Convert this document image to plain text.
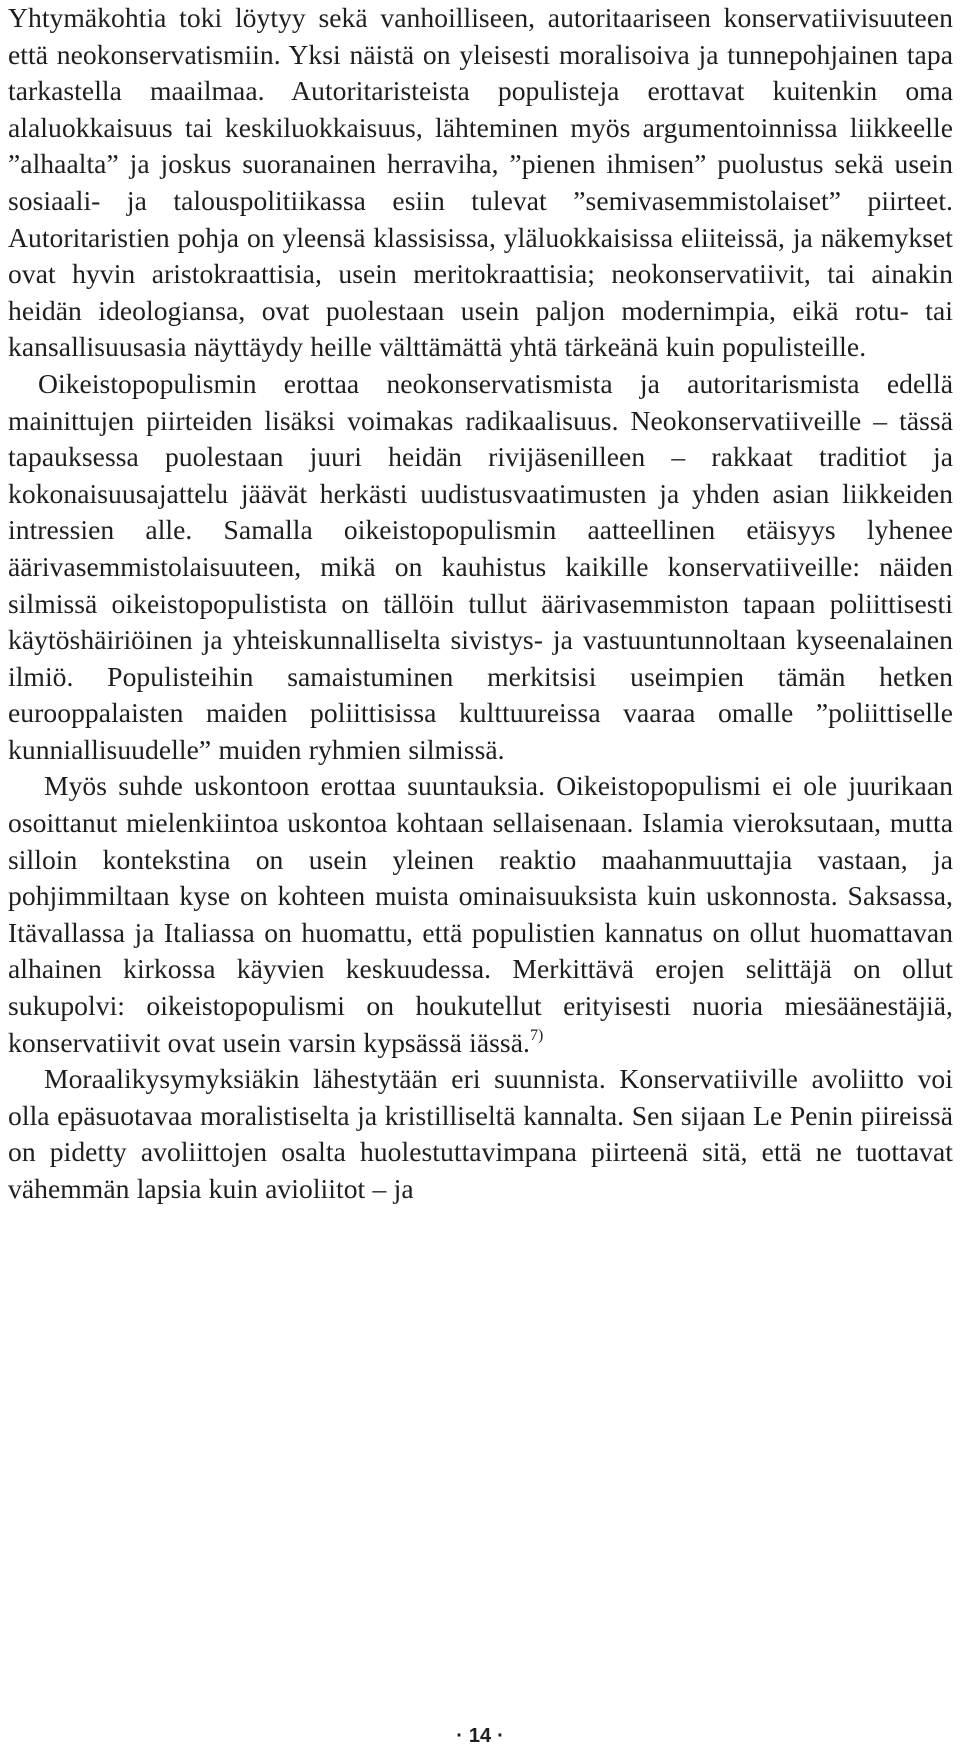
Yhtymäkohtia toki löytyy sekä vanhoilliseen, autoritaariseen konservatiivisuuteen että neokonservatismiin. Yksi näistä on yleisesti moralisoiva ja tunnepohjainen tapa tarkastella maailmaa. Autoritaristeista populisteja erottavat kuitenkin oma alaluokkaisuus tai keskiluokkaisuus, lähteminen myös argumentoinnissa liikkeelle ”alhaalta” ja joskus suoranainen herraviha, ”pienen ihmisen” puolustus sekä usein sosiaali- ja talouspolitiikassa esiin tulevat ”semivasemmistolaiset” piirteet. Autoritaristien pohja on yleensä klassisissa, yläluokkaisissa eliiteissä, ja näkemykset ovat hyvin aristokraattisia, usein meritokraattisia; neokonservatiivit, tai ainakin heidän ideologiansa, ovat puolestaan usein paljon modernimpia, eikä rotu- tai kansallisuusasia näyttäydy heille välttämättä yhtä tärkeänä kuin populisteille.
Oikeistopopulismin erottaa neokonservatismista ja autoritarismista edellä mainittujen piirteiden lisäksi voimakas radikaalisuus. Neokonservatiiveille – tässä tapauksessa puolestaan juuri heidän rivijäsenilleen – rakkaat traditiot ja kokonaisuusajattelu jäävät herkästi uudistusvaatimusten ja yhden asian liikkeiden intressien alle. Samalla oikeistopopulismin aatteellinen etäisyys lyhenee äärivasemmistolaisuuteen, mikä on kauhistus kaikille konservatiiveille: näiden silmissä oikeistopopulistista on tällöin tullut äärivasemmiston tapaan poliittisesti käytöshäiriöinen ja yhteiskunnalliselta sivistys- ja vastuuntunnoltaan kyseenalainen ilmiö. Populisteihin samaistuminen merkitsisi useimpien tämän hetken eurooppalaisten maiden poliittisissa kulttuureissa vaaraa omalle ”poliittiselle kunniallisuudelle” muiden ryhmien silmissä.
Myös suhde uskontoon erottaa suuntauksia. Oikeistopopulismi ei ole juurikaan osoittanut mielenkiintoa uskontoa kohtaan sellaisenaan. Islamia vieroksutaan, mutta silloin kontekstina on usein yleinen reaktio maahanmuuttajia vastaan, ja pohjimmiltaan kyse on kohteen muista ominaisuuksista kuin uskonnosta. Saksassa, Itävallassa ja Italiassa on huomattu, että populistien kannatus on ollut huomattavan alhainen kirkossa käyvien keskuudessa. Merkittävä erojen selittäjä on ollut sukupolvi: oikeistopopulismi on houkutellut erityisesti nuoria miesäänestäjiä, konservatiivit ovat usein varsin kypsässä iässä.$^{7)}$
Moraalikysymyksiäkin lähestytään eri suunnista. Konservatiiville avoliitto voi olla epäsuotavaa moralistiselta ja kristilliseltä kannalta. Sen sijaan Le Penin piireissä on pidetty avoliittojen osalta huolestuttavimpana piirteenä sitä, että ne tuottavat vähemmän lapsia kuin avioliitot – ja

· 14 ·
